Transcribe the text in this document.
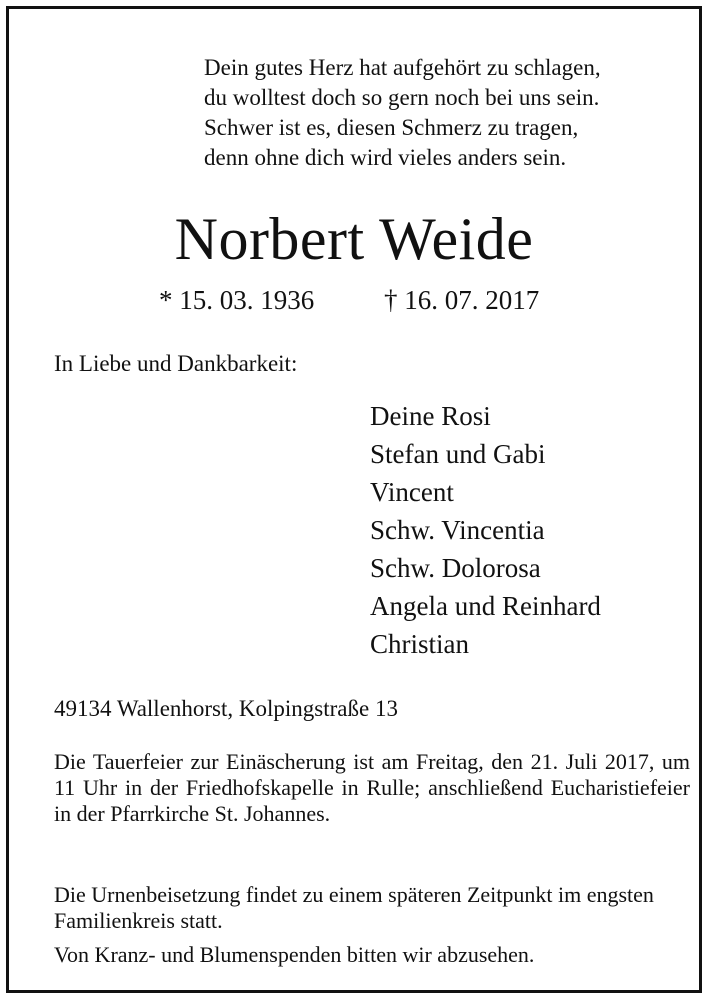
Dein gutes Herz hat aufgehört zu schlagen,
du wolltest doch so gern noch bei uns sein.
Schwer ist es, diesen Schmerz zu tragen,
denn ohne dich wird vieles anders sein.
Norbert Weide
* 15. 03. 1936	† 16. 07. 2017
In Liebe und Dankbarkeit:
Deine Rosi
Stefan und Gabi
Vincent
Schw. Vincentia
Schw. Dolorosa
Angela und Reinhard
Christian
49134 Wallenhorst, Kolpingstraße 13

Die Tauerfeier zur Einäscherung ist am Freitag, den 21. Juli 2017, um 11 Uhr in der Friedhofskapelle in Rulle; anschließend Eucharistiefeier in der Pfarrkirche St. Johannes.

Die Urnenbeisetzung findet zu einem späteren Zeitpunkt im engsten Familienkreis statt.

Von Kranz- und Blumenspenden bitten wir abzusehen.
